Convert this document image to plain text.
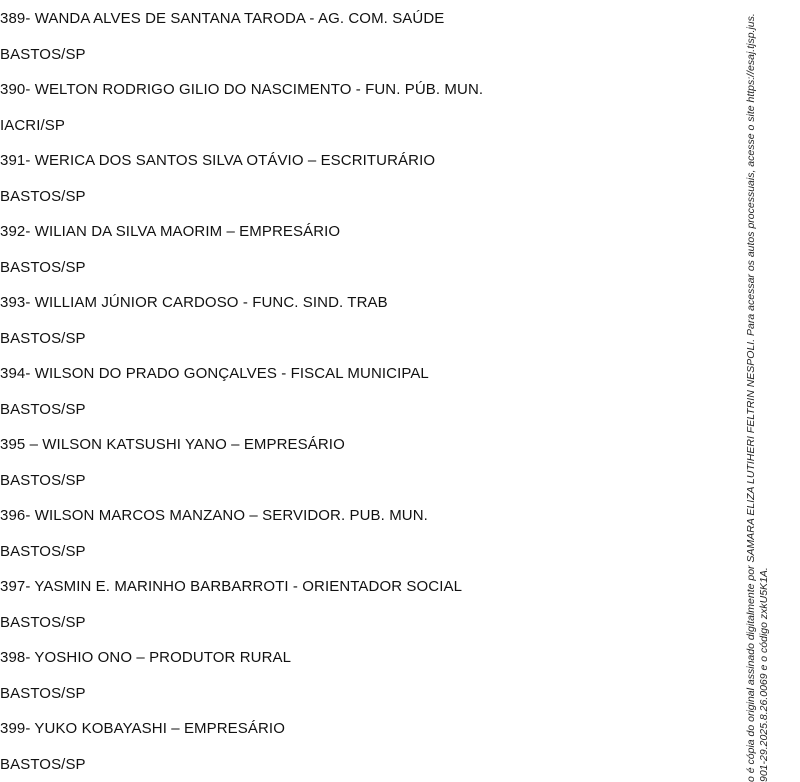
389- WANDA ALVES DE SANTANA TARODA - AG. COM. SAÚDE
BASTOS/SP
390- WELTON RODRIGO GILIO DO NASCIMENTO - FUN. PÚB. MUN.
IACRI/SP
391- WERICA DOS SANTOS SILVA OTÁVIO – ESCRITURÁRIO
BASTOS/SP
392- WILIAN DA SILVA MAORIM – EMPRESÁRIO
BASTOS/SP
393- WILLIAM JÚNIOR CARDOSO - FUNC. SIND. TRAB
BASTOS/SP
394- WILSON DO PRADO GONÇALVES - FISCAL MUNICIPAL
BASTOS/SP
395 – WILSON KATSUSHI YANO – EMPRESÁRIO
BASTOS/SP
396- WILSON MARCOS MANZANO – SERVIDOR. PUB. MUN.
BASTOS/SP
397- YASMIN E. MARINHO BARBARROTI - ORIENTADOR SOCIAL
BASTOS/SP
398- YOSHIO ONO – PRODUTOR RURAL
BASTOS/SP
399- YUKO KOBAYASHI – EMPRESÁRIO
BASTOS/SP	o é cópia do original assinado digitalmente por SAMARA ELIZA LUTIHERI FELTRIN NESPOLI. Para acessar os autos processuais, acesse o site https://esaj.tjsp.jus. 901-29.2025.8.26.0069 e o código zxkU5K1A.
